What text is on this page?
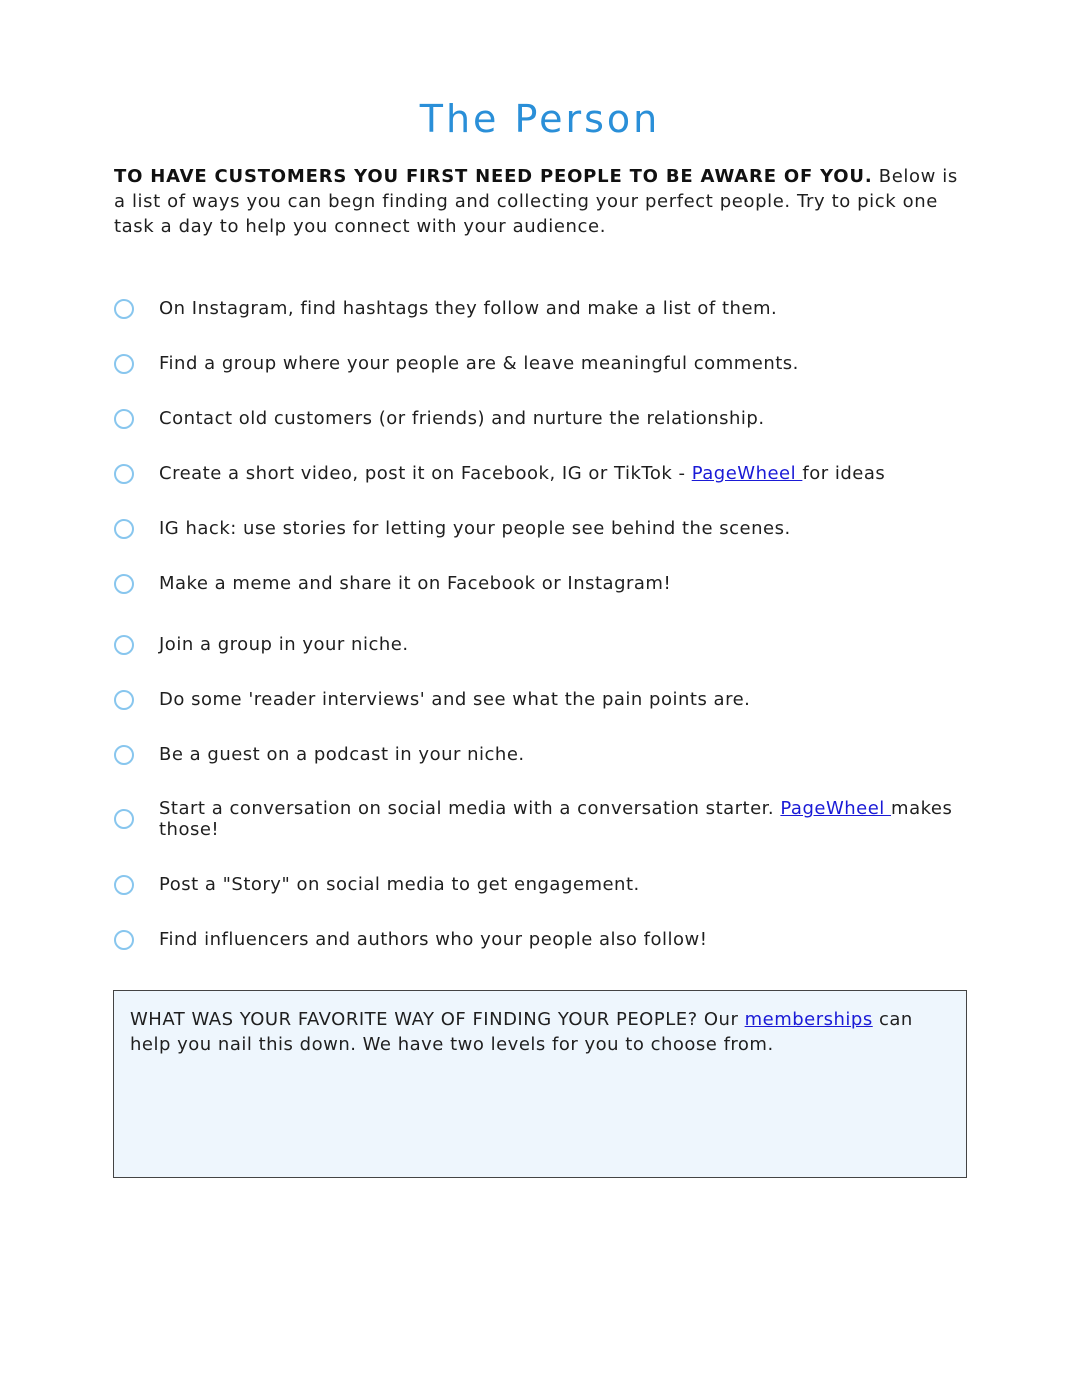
The Person

TO HAVE CUSTOMERS YOU FIRST NEED PEOPLE TO BE AWARE OF YOU. Below is a list of ways you can begn finding and collecting your perfect people. Try to pick one task a day to help you connect with your audience.

On Instagram, find hashtags they follow and make a list of them.
Find a group where your people are & leave meaningful comments.
Contact old customers (or friends) and nurture the relationship.
Create a short video, post it on Facebook, IG or TikTok - PageWheel for ideas
IG hack: use stories for letting your people see behind the scenes.
Make a meme and share it on Facebook or Instagram!
Join a group in your niche.
Do some 'reader interviews' and see what the pain points are.
Be a guest on a podcast in your niche.
Start a conversation on social media with a conversation starter. PageWheel makes those!
Post a "Story" on social media to get engagement.
Find influencers and authors who your people also follow!
WHAT WAS YOUR FAVORITE WAY OF FINDING YOUR PEOPLE? Our memberships can help you nail this down. We have two levels for you to choose from.
